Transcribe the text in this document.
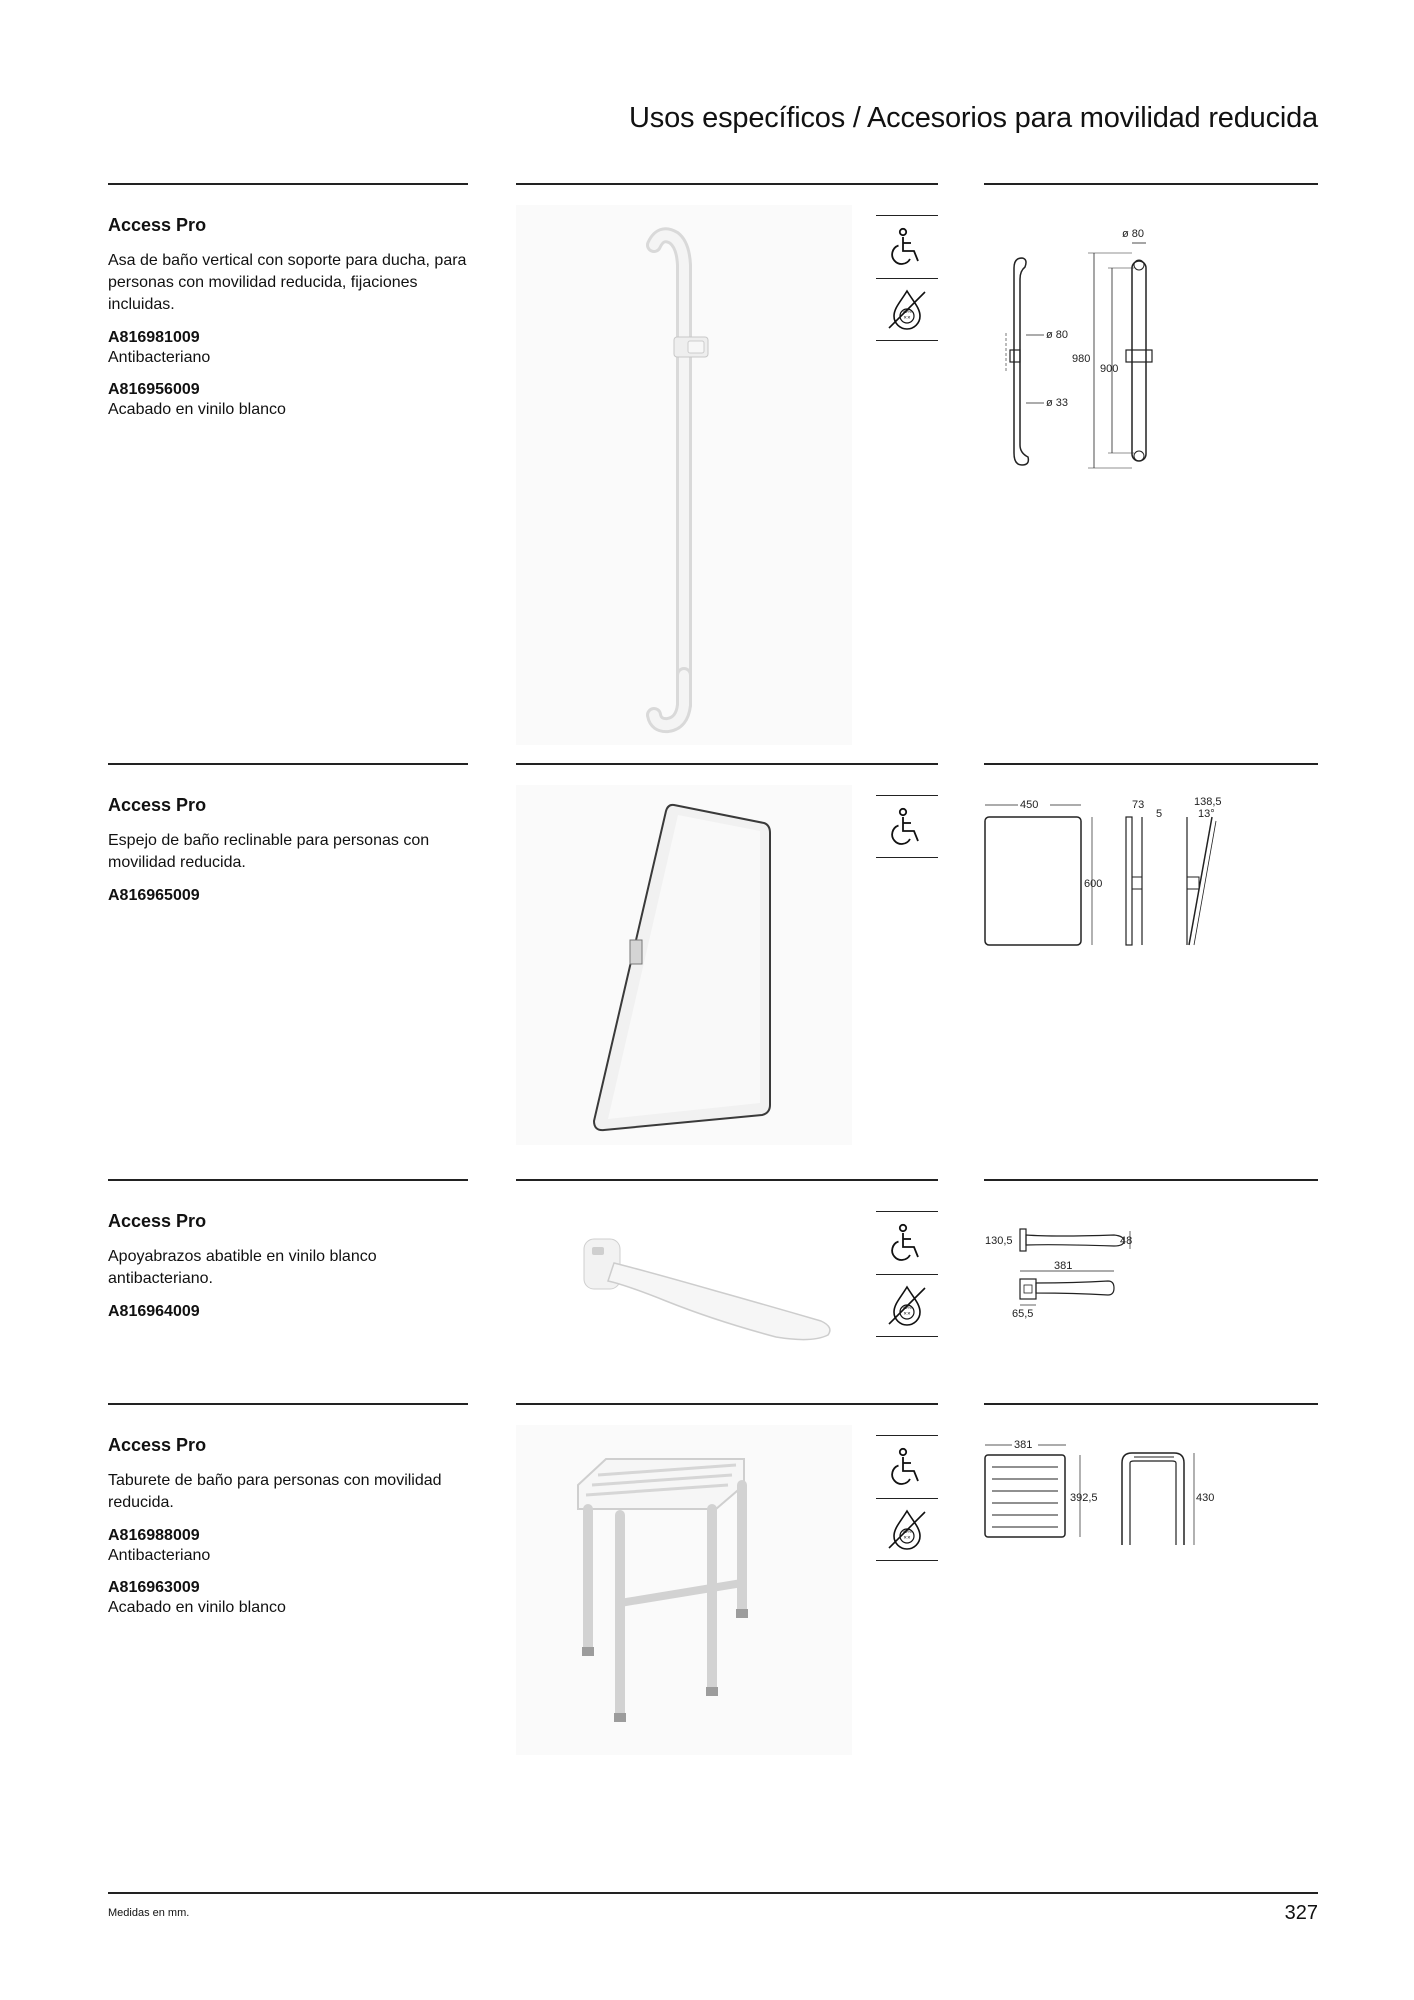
Usos específicos / Accesorios para movilidad reducida

Access Pro

Asa de baño vertical con soporte para ducha, para personas con movilidad reducida, fijaciones incluidas.

A816981009

Antibacteriano

A816956009

Acabado en vinilo blanco

ø 80
ø 33
ø 80
980
900

Access Pro

Espejo de baño reclinable para personas con movilidad reducida.

A816965009

450
600
73
5
138,5
13°

Access Pro

Apoyabrazos abatible en vinilo blanco antibacteriano.

A816964009

130,5	48
381
65,5

Access Pro

Taburete de baño para personas con movilidad reducida.

A816988009

Antibacteriano

A816963009

Acabado en vinilo blanco

381
392,5	430
Medidas en mm.	327
